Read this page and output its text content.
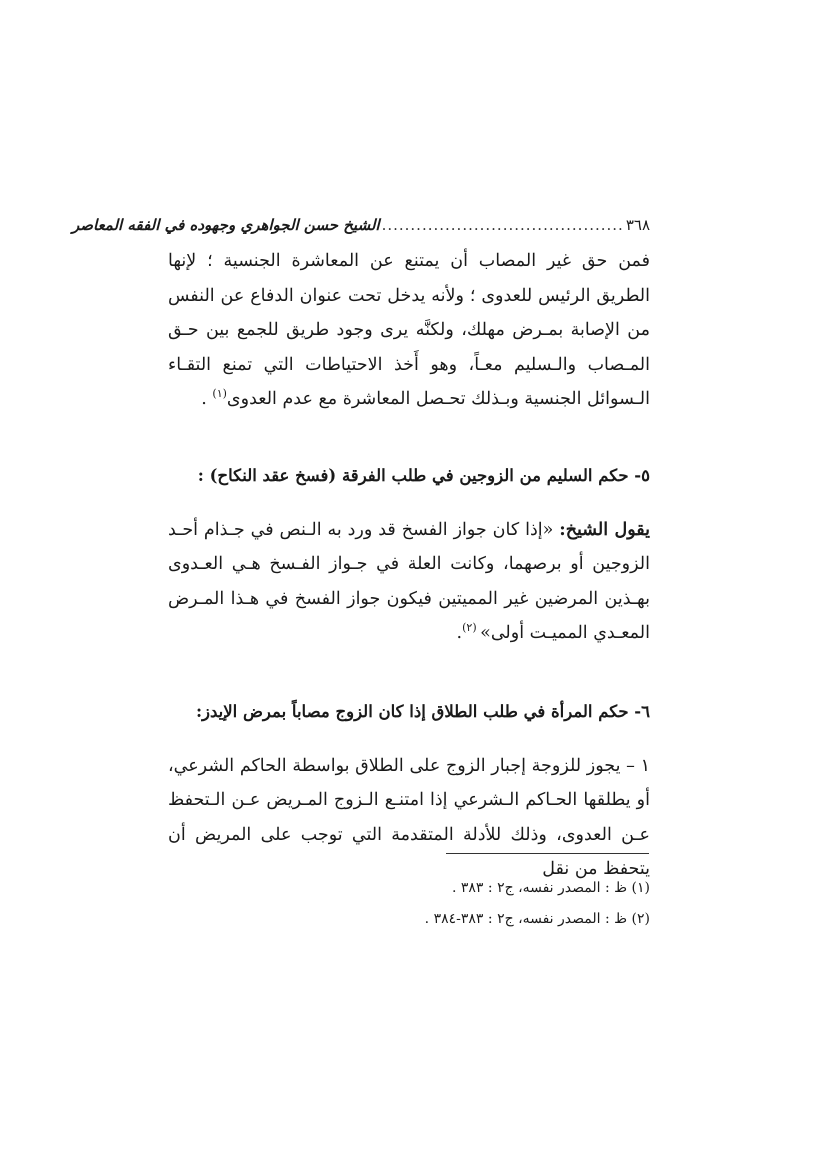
٣٦٨
..........................................
الشيخ حسن الجواهري وجهوده في الفقه المعاصر

فمن حق غير المصاب أن يمتنع عن المعاشرة الجنسية ؛ لإنها الطريق الرئيس للعدوى ؛ ولأنه يدخل تحت عنوان الدفاع عن النفس من الإصابة بمـرض مهلك، ولكنَّه يرى وجود طريق للجمع بين حـق المـصاب والـسليم معـاً، وهو أَخذ الاحتياطات التي تمنع التقـاء الـسوائل الجنسية وبـذلك تحـصل المعاشرة مع عدم العدوى$^{(١)}$ .

٥- حكم السليم من الزوجين في طلب الفرقة (فسخ عقد النكاح) :

يقول الشيخ: «إذا كان جواز الفسخ قد ورد به الـنص في جـذام أحـد الزوجين أو برصهما، وكانت العلة في جـواز الفـسخ هـي العـدوى بهـذين المرضين غير المميتين فيكون جواز الفسخ في هـذا المـرض المعـدي المميـت أولى» $^{(٢)}$.

٦- حكم المرأة في طلب الطلاق إذا كان الزوج مصاباً بمرض الإيدز:

١ – يجوز للزوجة إجبار الزوج على الطلاق بواسطة الحاكم الشرعي، أو يطلقها الحـاكم الـشرعي إذا امتنـع الـزوج المـريض عـن الـتحفظ عـن العدوى، وذلك للأدلة المتقدمة التي توجب على المريض أن يتحفظ من نقل

(١) ظ : المصدر نفسه، ج٢ : ٣٨٣ .

(٢) ظ : المصدر نفسه، ج٢ : ٣٨٣-٣٨٤ .
